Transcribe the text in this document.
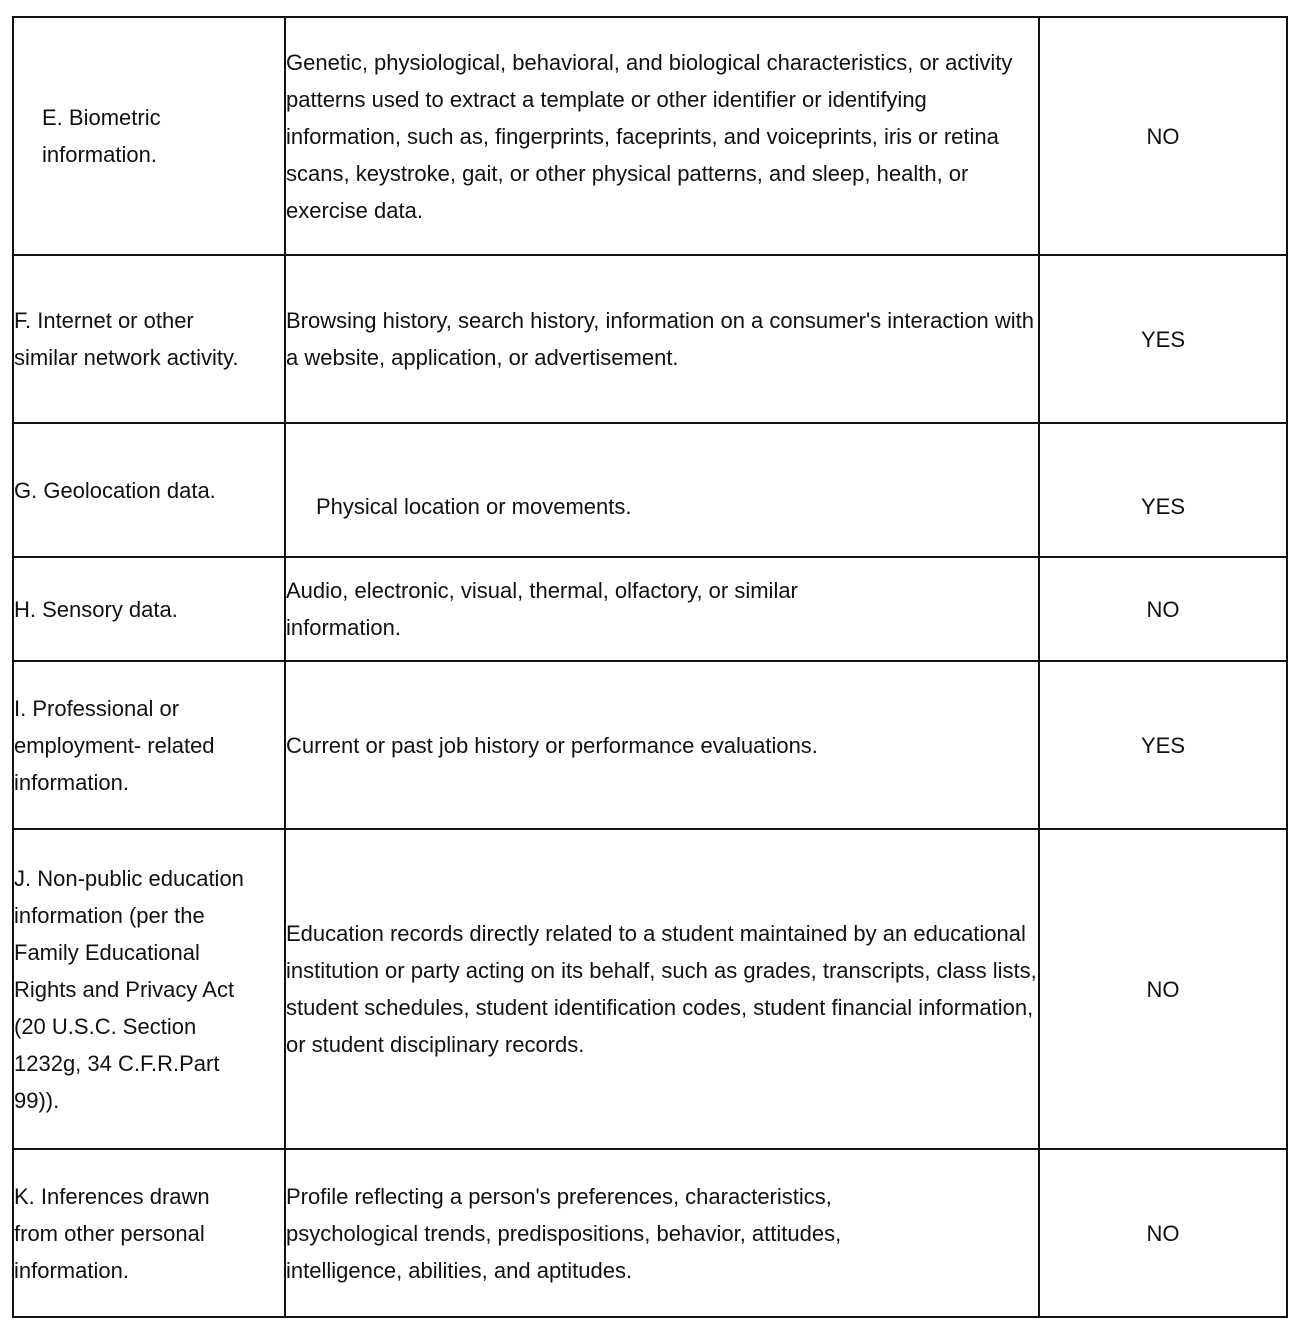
E. Biometric information.	Genetic, physiological, behavioral, and biological characteristics, or activity patterns used to extract a template or other identifier or identifying information, such as, fingerprints, faceprints, and voiceprints, iris or retina scans, keystroke, gait, or other physical patterns, and sleep, health, or exercise data.	NO

F. Internet or other similar network activity.	Browsing history, search history, information on a consumer's interaction with a website, application, or advertisement.	YES

G. Geolocation data.	Physical location or movements.	YES

H. Sensory data.	Audio, electronic, visual, thermal, olfactory, or similar information.	NO

I. Professional or employment- related information.	Current or past job history or performance evaluations.	YES

J. Non-public education information (per the Family Educational Rights and Privacy Act (20 U.S.C. Section 1232g, 34 C.F.R.Part 99)).	Education records directly related to a student maintained by an educational institution or party acting on its behalf, such as grades, transcripts, class lists, student schedules, student identification codes, student financial information, or student disciplinary records.	NO

K. Inferences drawn from other personal information.	Profile reflecting a person's preferences, characteristics, psychological trends, predispositions, behavior, attitudes, intelligence, abilities, and aptitudes.	NO
